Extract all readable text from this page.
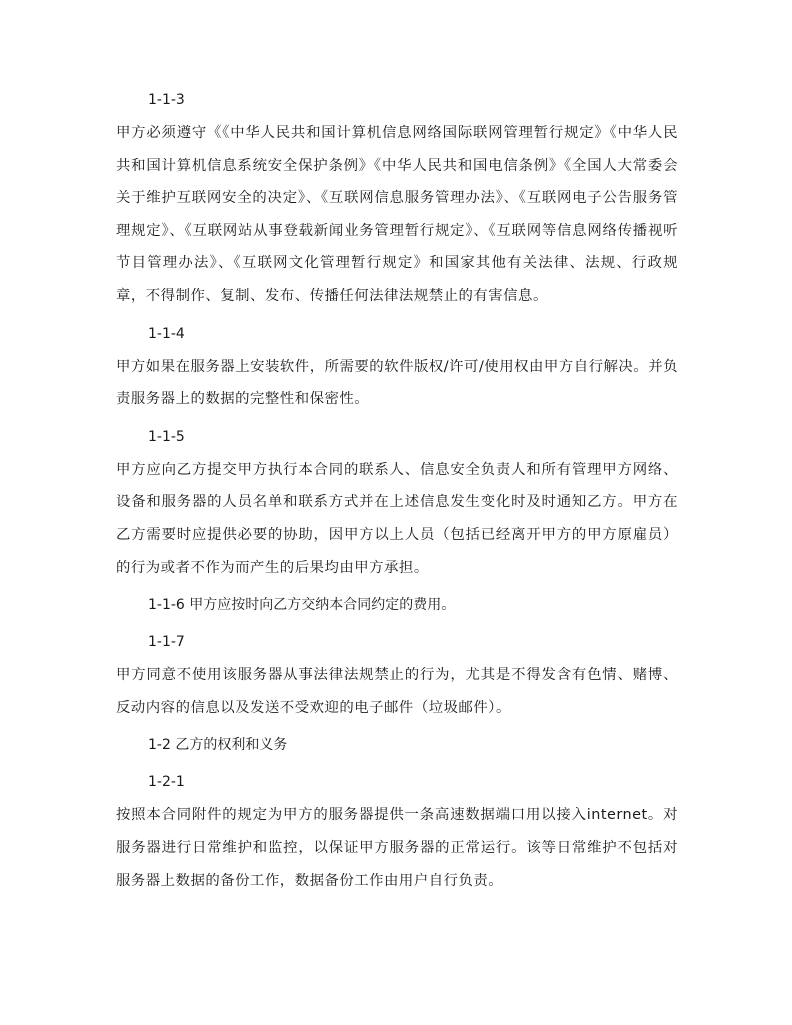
1-1-3
甲方必须遵守《《中华人民共和国计算机信息网络国际联网管理暂行规定》《中华人民共和国计算机信息系统安全保护条例》《中华人民共和国电信条例》《全国人大常委会关于维护互联网安全的决定》、《互联网信息服务管理办法》、《互联网电子公告服务管理规定》、《互联网站从事登载新闻业务管理暂行规定》、《互联网等信息网络传播视听节目管理办法》、《互联网文化管理暂行规定》和国家其他有关法律、法规、行政规章，不得制作、复制、发布、传播任何法律法规禁止的有害信息。
1-1-4
甲方如果在服务器上安装软件，所需要的软件版权/许可/使用权由甲方自行解决。并负责服务器上的数据的完整性和保密性。
1-1-5
甲方应向乙方提交甲方执行本合同的联系人、信息安全负责人和所有管理甲方网络、设备和服务器的人员名单和联系方式并在上述信息发生变化时及时通知乙方。甲方在乙方需要时应提供必要的协助，因甲方以上人员（包括已经离开甲方的甲方原雇员）的行为或者不作为而产生的后果均由甲方承担。
1-1-6 甲方应按时向乙方交纳本合同约定的费用。
1-1-7
甲方同意不使用该服务器从事法律法规禁止的行为，尤其是不得发含有色情、赌博、反动内容的信息以及发送不受欢迎的电子邮件（垃圾邮件）。
1-2 乙方的权利和义务
1-2-1
按照本合同附件的规定为甲方的服务器提供一条高速数据端口用以接入internet。对服务器进行日常维护和监控，以保证甲方服务器的正常运行。该等日常维护不包括对服务器上数据的备份工作，数据备份工作由用户自行负责。
